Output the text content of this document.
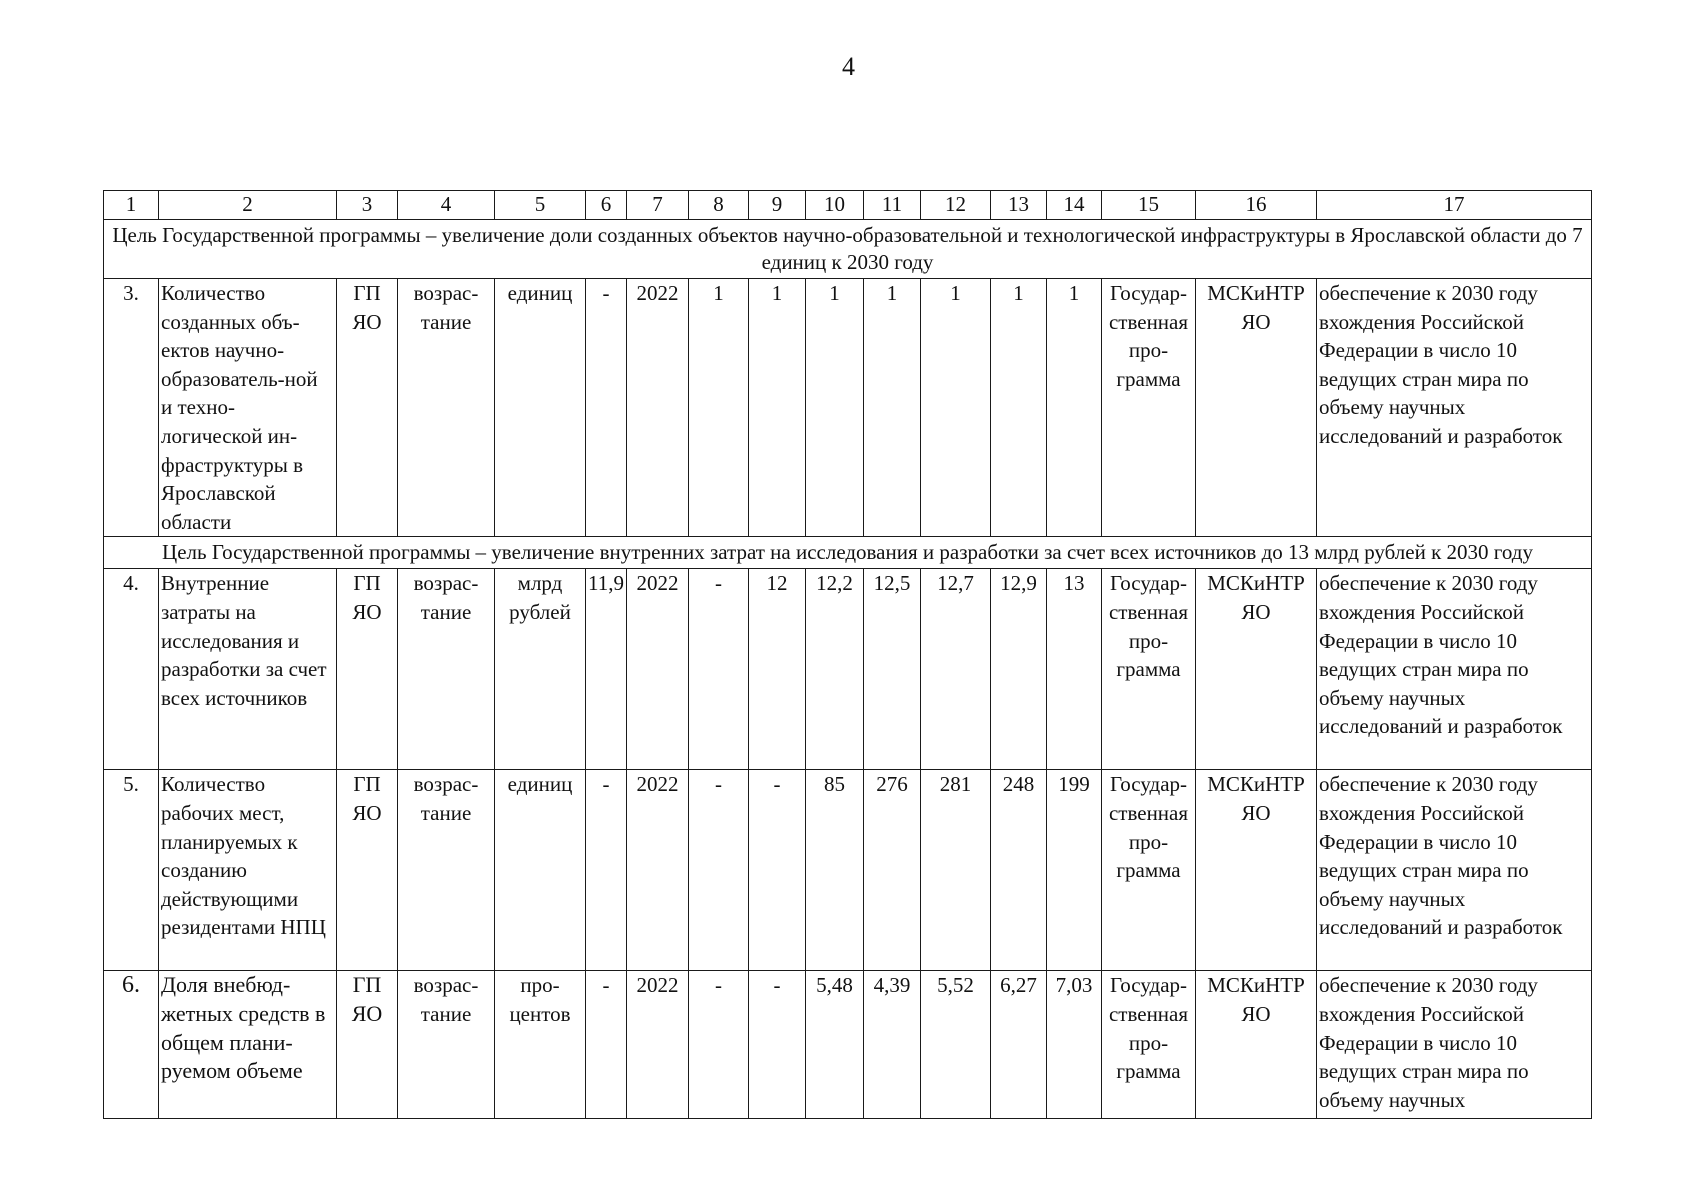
4
1	2	3	4	5	6	7	8	9	10	11	12	13	14	15	16	17
Цель Государственной программы – увеличение доли созданных объектов научно-образовательной и технологической инфраструктуры в Ярославской области до 7 единиц к 2030 году																
3.	Количество созданных объ-ектов научно-образователь-ной и техно-логической ин-фраструктуры в Ярославской области	ГП ЯО	возрас-тание	единиц	-	2022	1	1	1	1	1	1	1	Государ-ственная про-грамма	МСКиНТР ЯО	обеспечение к 2030 году вхождения Российской Федерации в число 10 ведущих стран мира по объему научных исследований и разработок
Цель Государственной программы – увеличение внутренних затрат на исследования и разработки за счет всех источников до 13 млрд рублей к 2030 году																
4.	Внутренние затраты на исследования и разработки за счет всех источников	ГП ЯО	возрас-тание	млрд рублей	11,9	2022	-	12	12,2	12,5	12,7	12,9	13	Государ-ственная про-грамма	МСКиНТР ЯО	обеспечение к 2030 году вхождения Российской Федерации в число 10 ведущих стран мира по объему научных исследований и разработок
5.	Количество рабочих мест, планируемых к созданию действующими резидентами НПЦ	ГП ЯО	возрас-тание	единиц	-	2022	-	-	85	276	281	248	199	Государ-ственная про-грамма	МСКиНТР ЯО	обеспечение к 2030 году вхождения Российской Федерации в число 10 ведущих стран мира по объему научных исследований и разработок
6.	Доля внебюд-жетных средств в общем плани-руемом объеме	ГП ЯО	возрас-тание	про-центов	-	2022	-	-	5,48	4,39	5,52	6,27	7,03	Государ-ственная про-грамма	МСКиНТР ЯО	обеспечение к 2030 году вхождения Российской Федерации в число 10 ведущих стран мира по объему научных
